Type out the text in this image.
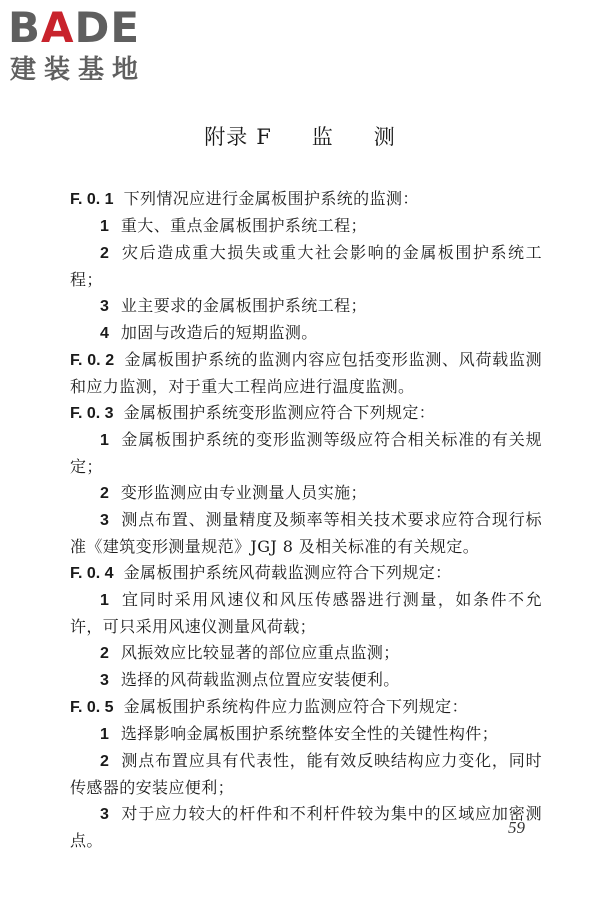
BADE
建装基地
附录 F 监 测

F. 0. 1 下列情况应进行金属板围护系统的监测：

1 重大、重点金属板围护系统工程；

2 灾后造成重大损失或重大社会影响的金属板围护系统工程；

3 业主要求的金属板围护系统工程；

4 加固与改造后的短期监测。

F. 0. 2 金属板围护系统的监测内容应包括变形监测、风荷载监测和应力监测，对于重大工程尚应进行温度监测。

F. 0. 3 金属板围护系统变形监测应符合下列规定：

1 金属板围护系统的变形监测等级应符合相关标准的有关规定；

2 变形监测应由专业测量人员实施；

3 测点布置、测量精度及频率等相关技术要求应符合现行标准《建筑变形测量规范》JGJ 8 及相关标准的有关规定。

F. 0. 4 金属板围护系统风荷载监测应符合下列规定：

1 宜同时采用风速仪和风压传感器进行测量，如条件不允许，可只采用风速仪测量风荷载；

2 风振效应比较显著的部位应重点监测；

3 选择的风荷载监测点位置应安装便利。

F. 0. 5 金属板围护系统构件应力监测应符合下列规定：

1 选择影响金属板围护系统整体安全性的关键性构件；

2 测点布置应具有代表性，能有效反映结构应力变化，同时传感器的安装应便利；

3 对于应力较大的杆件和不利杆件较为集中的区域应加密测点。

59
